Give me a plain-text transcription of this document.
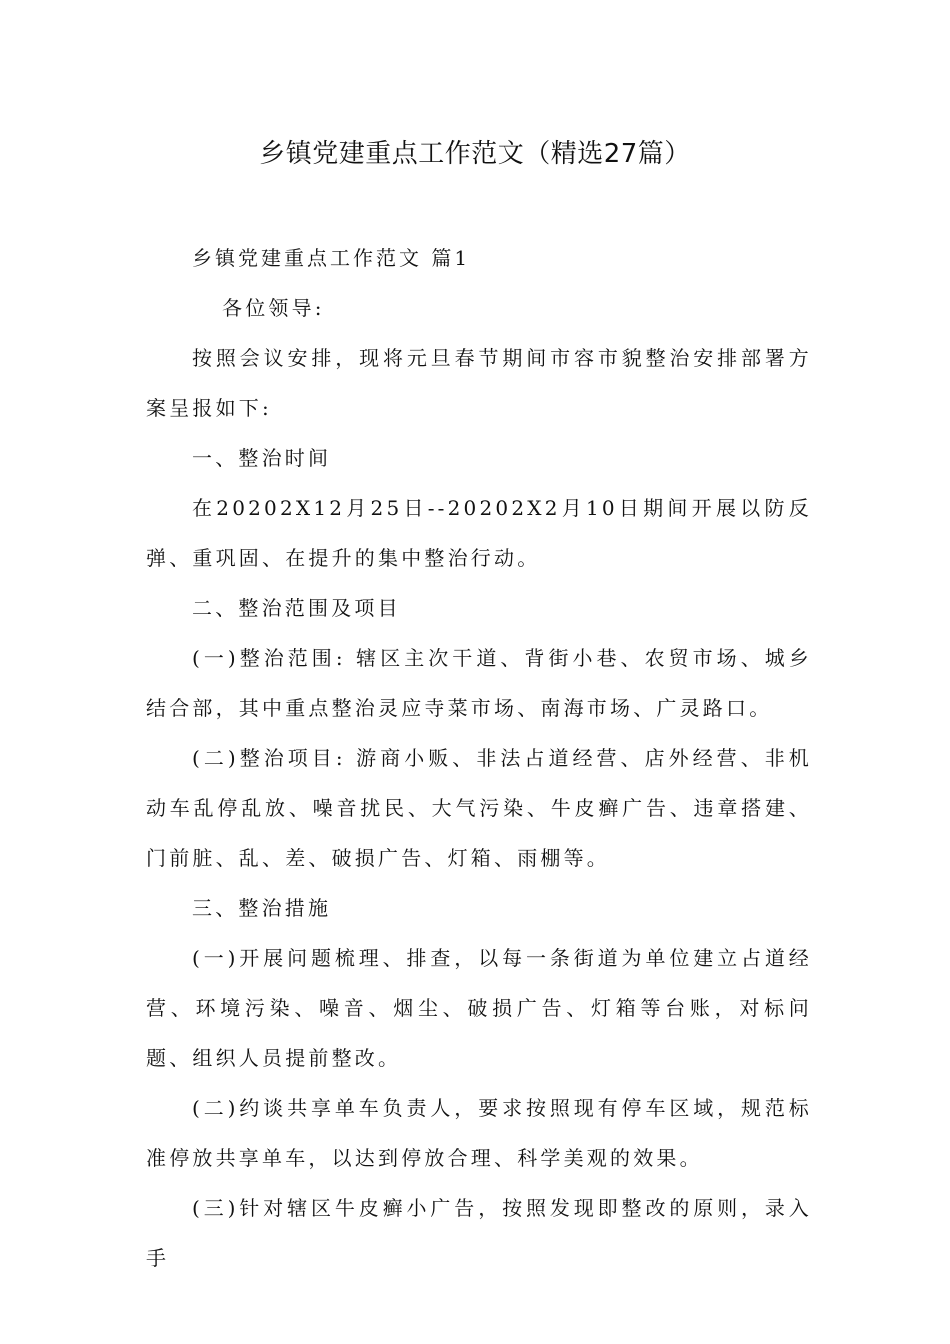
乡镇党建重点工作范文（精选27篇）

乡镇党建重点工作范文 篇1

各位领导:

按照会议安排，现将元旦春节期间市容市貌整治安排部署方案呈报如下:

一、整治时间

在20202X12月25日--20202X2月10日期间开展以防反弹、重巩固、在提升的集中整治行动。

二、整治范围及项目

(一)整治范围: 辖区主次干道、背街小巷、农贸市场、城乡结合部，其中重点整治灵应寺菜市场、南海市场、广灵路口。

(二)整治项目: 游商小贩、非法占道经营、店外经营、非机动车乱停乱放、噪音扰民、大气污染、牛皮癣广告、违章搭建、门前脏、乱、差、破损广告、灯箱、雨棚等。

三、整治措施

(一)开展问题梳理、排查，以每一条街道为单位建立占道经营、环境污染、噪音、烟尘、破损广告、灯箱等台账，对标问题、组织人员提前整改。

(二)约谈共享单车负责人，要求按照现有停车区域，规范标准停放共享单车，以达到停放合理、科学美观的效果。

(三)针对辖区牛皮癣小广告，按照发现即整改的原则，录入手
